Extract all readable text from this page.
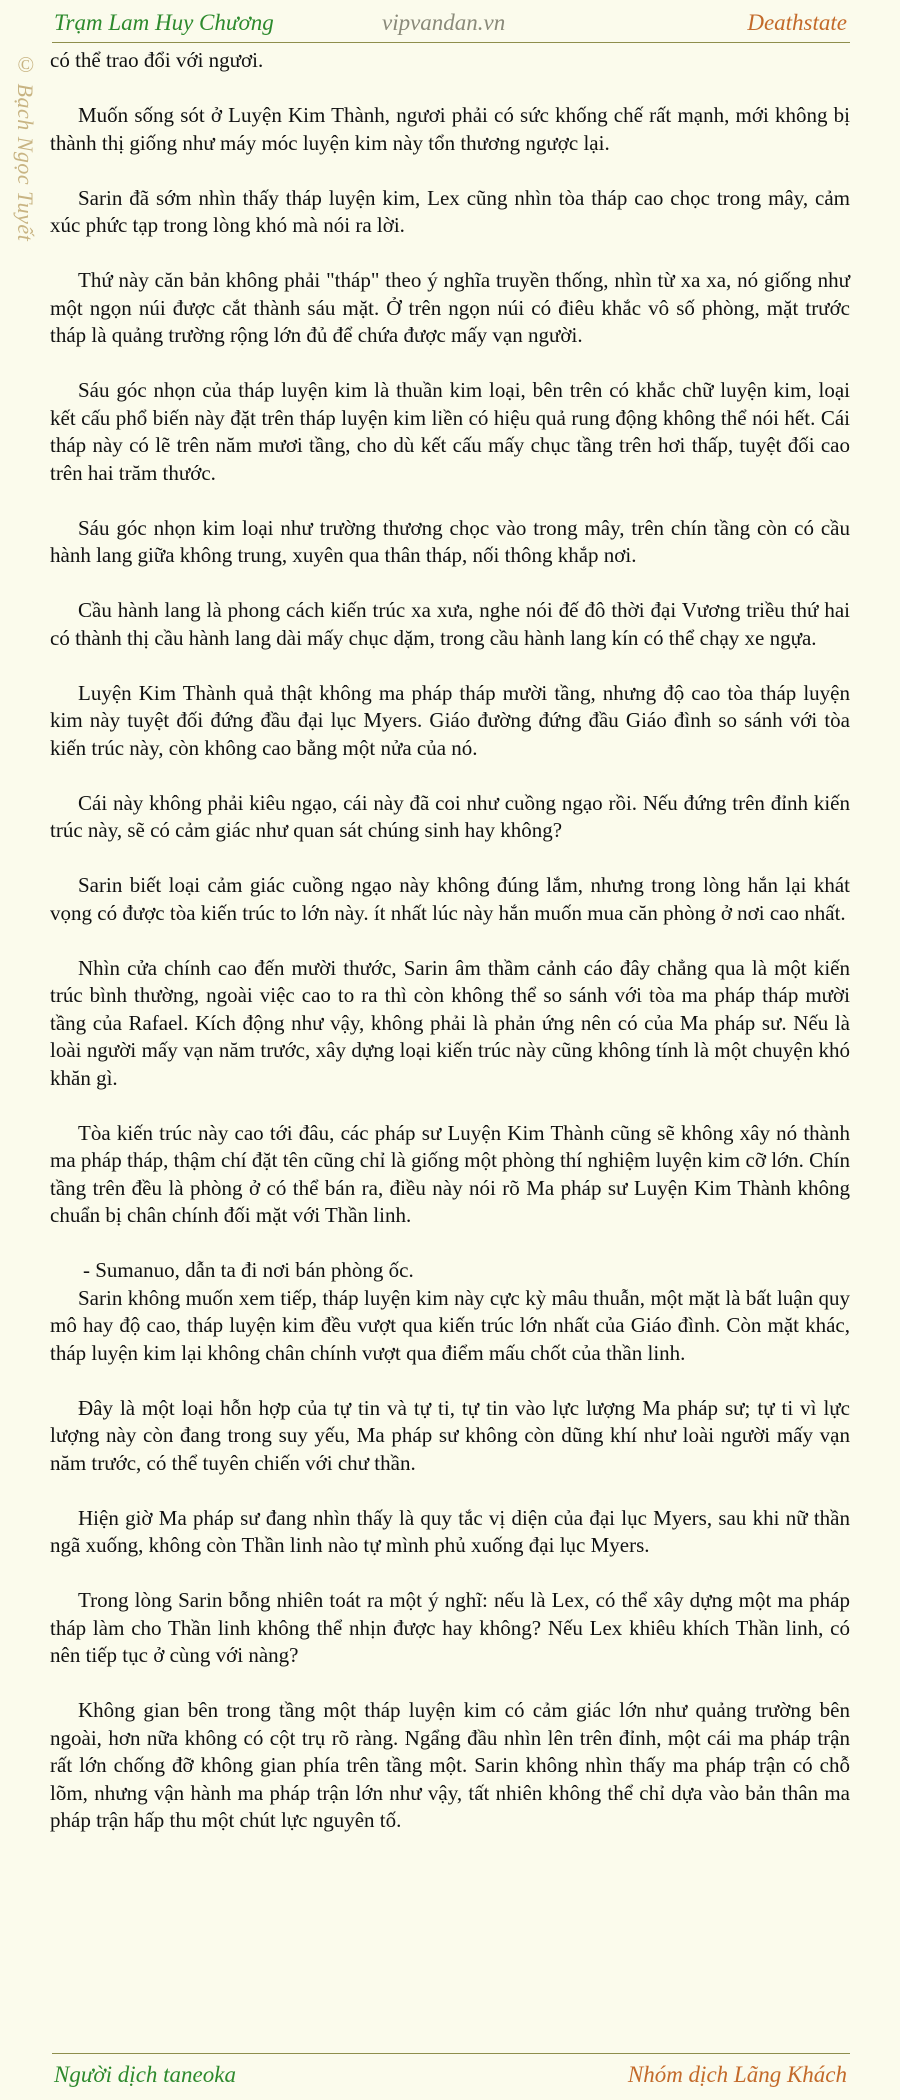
Trạm Lam Huy Chương	vipvandan.vn	Deathstate
© Bạch Ngọc Tuyết có thể trao đổi với ngươi.

Muốn sống sót ở Luyện Kim Thành, ngươi phải có sức khống chế rất mạnh, mới không bị thành thị giống như máy móc luyện kim này tổn thương ngược lại.

Sarin đã sớm nhìn thấy tháp luyện kim, Lex cũng nhìn tòa tháp cao chọc trong mây, cảm xúc phức tạp trong lòng khó mà nói ra lời.

Thứ này căn bản không phải "tháp" theo ý nghĩa truyền thống, nhìn từ xa xa, nó giống như một ngọn núi được cắt thành sáu mặt. Ở trên ngọn núi có điêu khắc vô số phòng, mặt trước tháp là quảng trường rộng lớn đủ để chứa được mấy vạn người.

Sáu góc nhọn của tháp luyện kim là thuần kim loại, bên trên có khắc chữ luyện kim, loại kết cấu phổ biến này đặt trên tháp luyện kim liền có hiệu quả rung động không thể nói hết. Cái tháp này có lẽ trên năm mươi tầng, cho dù kết cấu mấy chục tầng trên hơi thấp, tuyệt đối cao trên hai trăm thước.

Sáu góc nhọn kim loại như trường thương chọc vào trong mây, trên chín tầng còn có cầu hành lang giữa không trung, xuyên qua thân tháp, nối thông khắp nơi.

Cầu hành lang là phong cách kiến trúc xa xưa, nghe nói đế đô thời đại Vương triều thứ hai có thành thị cầu hành lang dài mấy chục dặm, trong cầu hành lang kín có thể chạy xe ngựa.

Luyện Kim Thành quả thật không ma pháp tháp mười tầng, nhưng độ cao tòa tháp luyện kim này tuyệt đối đứng đầu đại lục Myers. Giáo đường đứng đầu Giáo đình so sánh với tòa kiến trúc này, còn không cao bằng một nửa của nó.

Cái này không phải kiêu ngạo, cái này đã coi như cuồng ngạo rồi. Nếu đứng trên đỉnh kiến trúc này, sẽ có cảm giác như quan sát chúng sinh hay không?

Sarin biết loại cảm giác cuồng ngạo này không đúng lắm, nhưng trong lòng hắn lại khát vọng có được tòa kiến trúc to lớn này. ít nhất lúc này hắn muốn mua căn phòng ở nơi cao nhất.

Nhìn cửa chính cao đến mười thước, Sarin âm thầm cảnh cáo đây chẳng qua là một kiến trúc bình thường, ngoài việc cao to ra thì còn không thể so sánh với tòa ma pháp tháp mười tầng của Rafael. Kích động như vậy, không phải là phản ứng nên có của Ma pháp sư. Nếu là loài người mấy vạn năm trước, xây dựng loại kiến trúc này cũng không tính là một chuyện khó khăn gì.

Tòa kiến trúc này cao tới đâu, các pháp sư Luyện Kim Thành cũng sẽ không xây nó thành ma pháp tháp, thậm chí đặt tên cũng chỉ là giống một phòng thí nghiệm luyện kim cỡ lớn. Chín tầng trên đều là phòng ở có thể bán ra, điều này nói rõ Ma pháp sư Luyện Kim Thành không chuẩn bị chân chính đối mặt với Thần linh.

- Sumanuo, dẫn ta đi nơi bán phòng ốc.

Sarin không muốn xem tiếp, tháp luyện kim này cực kỳ mâu thuẫn, một mặt là bất luận quy mô hay độ cao, tháp luyện kim đều vượt qua kiến trúc lớn nhất của Giáo đình. Còn mặt khác, tháp luyện kim lại không chân chính vượt qua điểm mấu chốt của thần linh.

Đây là một loại hỗn hợp của tự tin và tự ti, tự tin vào lực lượng Ma pháp sư; tự ti vì lực lượng này còn đang trong suy yếu, Ma pháp sư không còn dũng khí như loài người mấy vạn năm trước, có thể tuyên chiến với chư thần.

Hiện giờ Ma pháp sư đang nhìn thấy là quy tắc vị diện của đại lục Myers, sau khi nữ thần ngã xuống, không còn Thần linh nào tự mình phủ xuống đại lục Myers.

Trong lòng Sarin bỗng nhiên toát ra một ý nghĩ: nếu là Lex, có thể xây dựng một ma pháp tháp làm cho Thần linh không thể nhịn được hay không? Nếu Lex khiêu khích Thần linh, có nên tiếp tục ở cùng với nàng?

Không gian bên trong tầng một tháp luyện kim có cảm giác lớn như quảng trường bên ngoài, hơn nữa không có cột trụ rõ ràng. Ngẩng đầu nhìn lên trên đỉnh, một cái ma pháp trận rất lớn chống đỡ không gian phía trên tầng một. Sarin không nhìn thấy ma pháp trận có chỗ lõm, nhưng vận hành ma pháp trận lớn như vậy, tất nhiên không thể chỉ dựa vào bản thân ma pháp trận hấp thu một chút lực nguyên tố.

Người dịch taneoka	Nhóm dịch Lãng Khách
